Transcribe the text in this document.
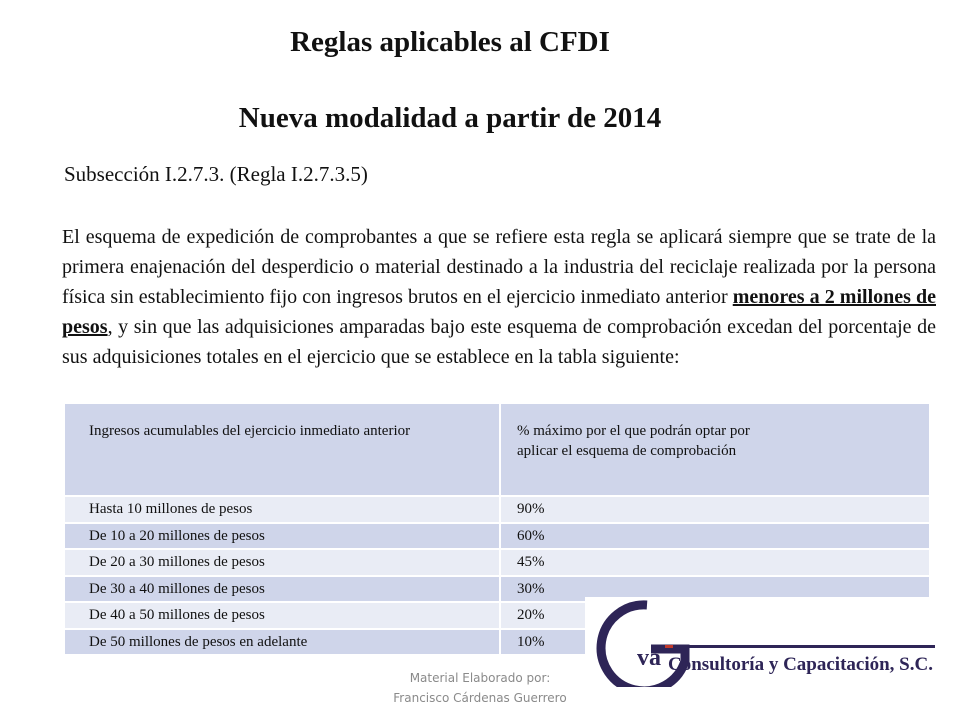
Reglas aplicables al CFDI
Nueva modalidad a partir de 2014

Subsección I.2.7.3. (Regla I.2.7.3.5)

El esquema de expedición de comprobantes a que se refiere esta regla se aplicará siempre que se trate de la primera enajenación del desperdicio o material destinado a la industria del reciclaje realizada por la persona física sin establecimiento fijo con ingresos brutos en el ejercicio inmediato anterior menores a 2 millones de pesos, y sin que las adquisiciones amparadas bajo este esquema de comprobación excedan del porcentaje de sus adquisiciones totales en el ejercicio que se establece en la tabla siguiente:

Ingresos acumulables del ejercicio inmediato anterior	% máximo por el que podrán optar por aplicar el esquema de comprobación
Hasta 10 millones de pesos	90%
De 10 a 20 millones de pesos	60%
De 20 a 30 millones de pesos	45%
De 30 a 40 millones de pesos	30%
De 40 a 50 millones de pesos	20%
De 50 millones de pesos en adelante	10%
va Consultoría y Capacitación, S.C.
Material Elaborado por:
Francisco Cárdenas Guerrero
